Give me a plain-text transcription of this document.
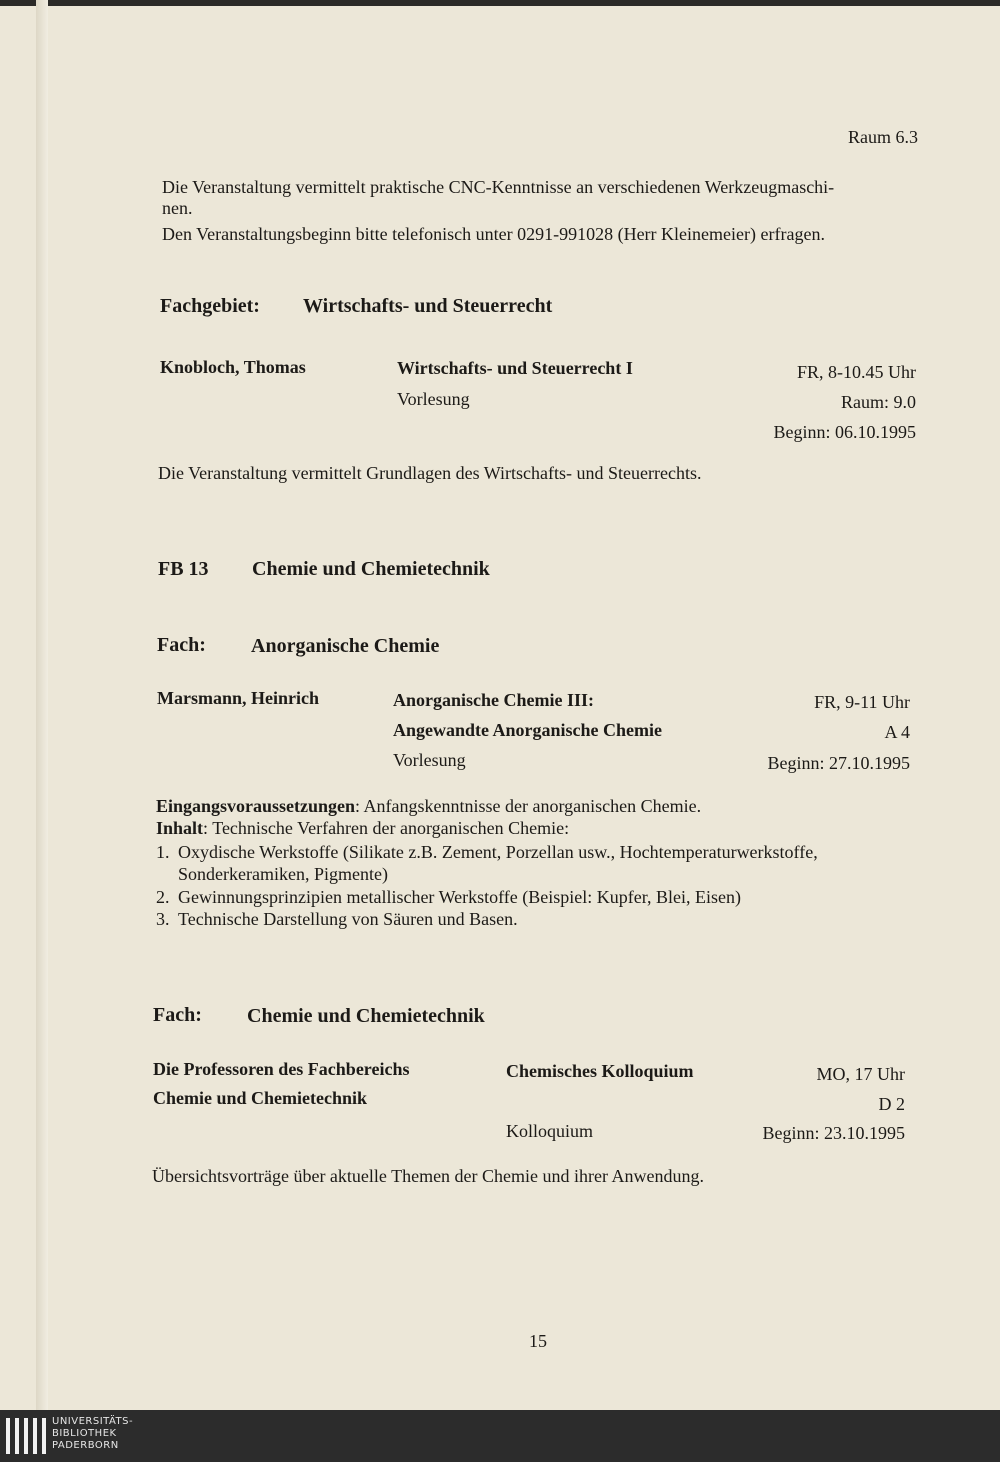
Raum 6.3
Die Veranstaltung vermittelt praktische CNC-Kenntnisse an verschiedenen Werkzeugmaschi-
nen.
Den Veranstaltungsbeginn bitte telefonisch unter 0291-991028 (Herr Kleinemeier) erfragen.
Fachgebiet: Wirtschafts- und Steuerrecht
Knobloch, Thomas	Wirtschafts- und Steuerrecht I
Vorlesung
FR, 8-10.45 Uhr
Raum: 9.0
Beginn: 06.10.1995
Die Veranstaltung vermittelt Grundlagen des Wirtschafts- und Steuerrechts.
FB 13 Chemie und Chemietechnik
Fach: Anorganische Chemie
Marsmann, Heinrich	Anorganische Chemie III:
Angewandte Anorganische Chemie
Vorlesung
FR, 9-11 Uhr
A 4
Beginn: 27.10.1995
Eingangsvoraussetzungen: Anfangskenntnisse der anorganischen Chemie.
Inhalt: Technische Verfahren der anorganischen Chemie:
1. Oxydische Werkstoffe (Silikate z.B. Zement, Porzellan usw., Hochtemperaturwerkstoffe,
Sonderkeramiken, Pigmente)
2. Gewinnungsprinzipien metallischer Werkstoffe (Beispiel: Kupfer, Blei, Eisen)
3. Technische Darstellung von Säuren und Basen.
Fach: Chemie und Chemietechnik
Die Professoren des Fachbereichs
Chemie und Chemietechnik
Chemisches Kolloquium
Kolloquium
MO, 17 Uhr
D 2
Beginn: 23.10.1995
Übersichtsvorträge über aktuelle Themen der Chemie und ihrer Anwendung.
15
UNIVERSITÄTS-
BIBLIOTHEK
PADERBORN
